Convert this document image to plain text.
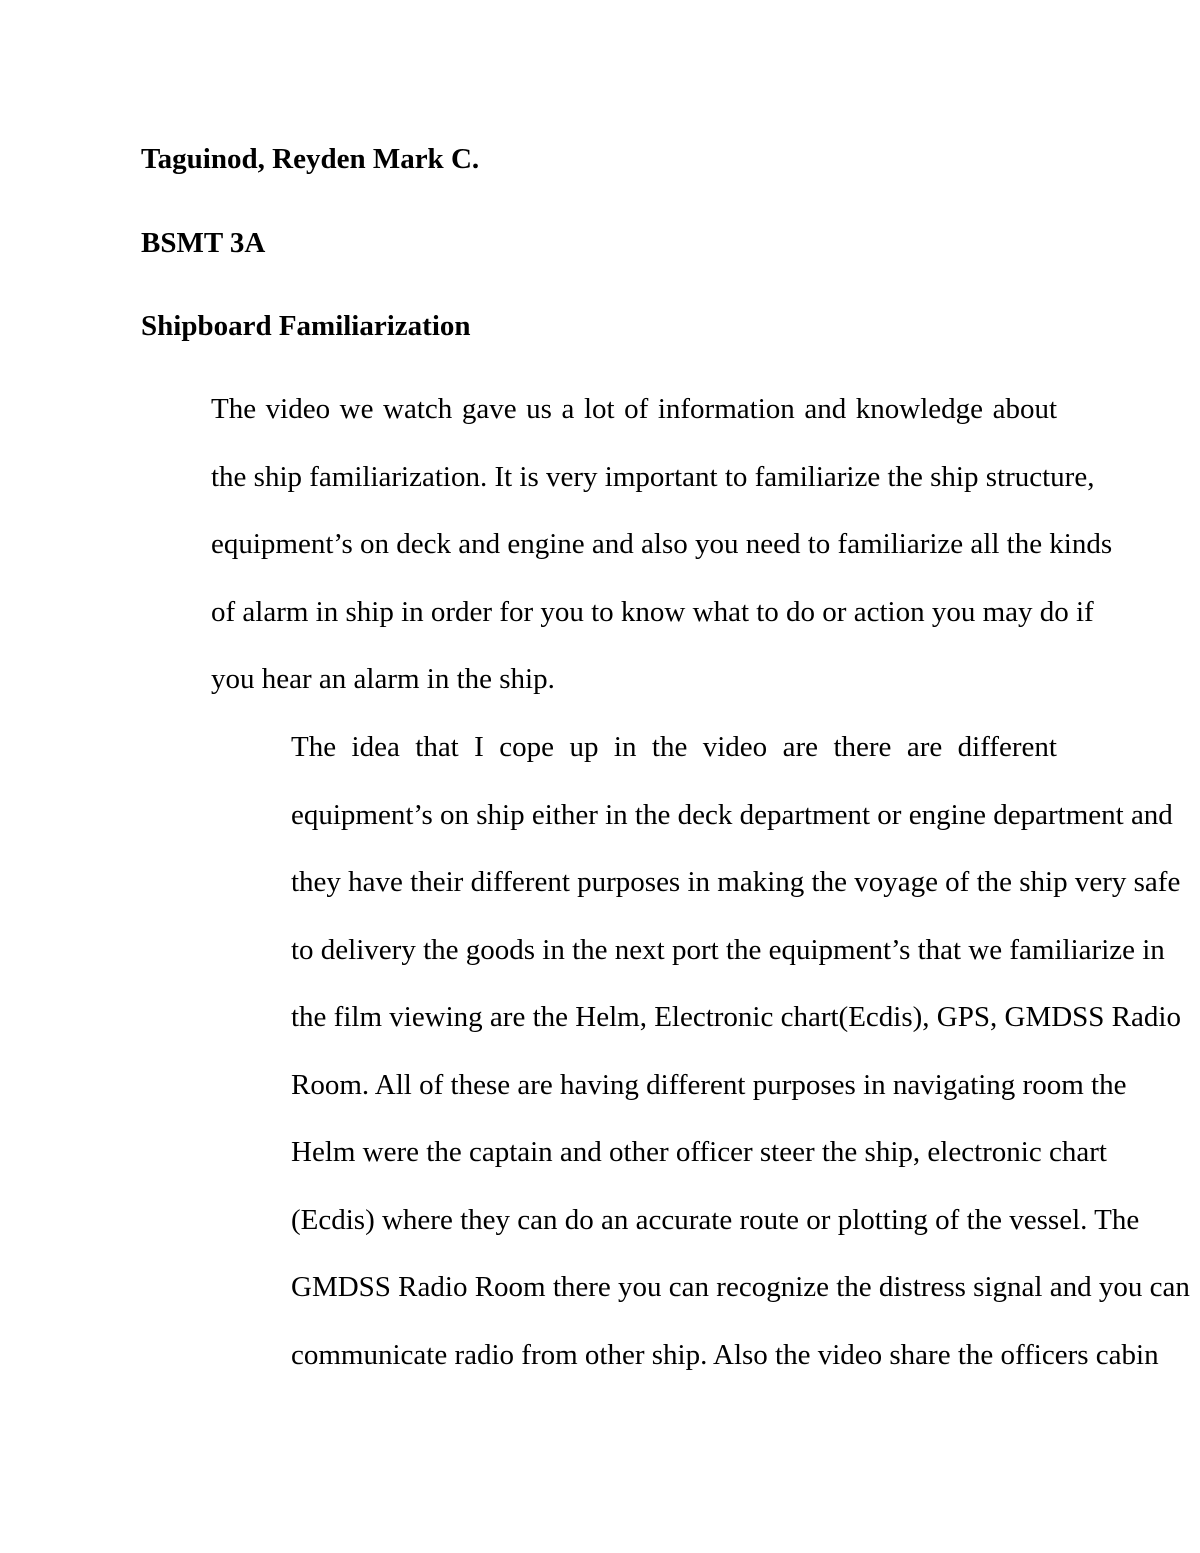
Taguinod, Reyden Mark C.
BSMT 3A
Shipboard Familiarization

The video we watch gave us a lot of information and knowledge about
the ship familiarization. It is very important to familiarize the ship structure,
equipment’s on deck and engine and also you need to familiarize all the kinds
of alarm in ship in order for you to know what to do or action you may do if
you hear an alarm in the ship.

The idea that I cope up in the video are there are different
equipment’s on ship either in the deck department or engine department and
they have their different purposes in making the voyage of the ship very safe
to delivery the goods in the next port the equipment’s that we familiarize in
the film viewing are the Helm, Electronic chart(Ecdis), GPS, GMDSS Radio
Room. All of these are having different purposes in navigating room the
Helm were the captain and other officer steer the ship, electronic chart
(Ecdis) where they can do an accurate route or plotting of the vessel. The
GMDSS Radio Room there you can recognize the distress signal and you can
communicate radio from other ship. Also the video share the officers cabin
